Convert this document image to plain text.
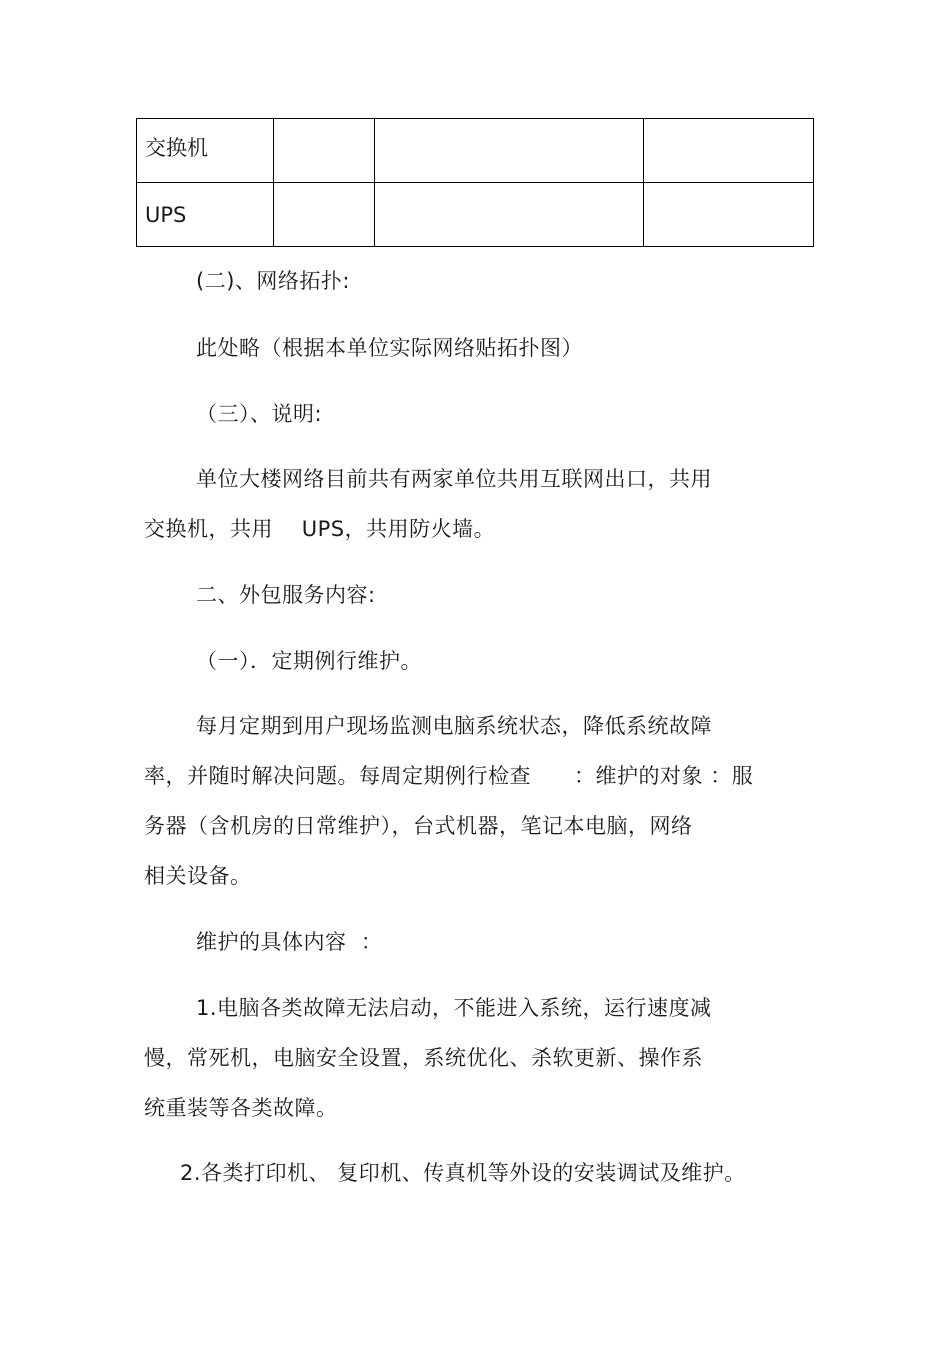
交换机			
UPS			
(二)、网络拓扑:
此处略（根据本单位实际网络贴拓扑图）
（三）、说明:
单位大楼网络目前共有两家单位共用互联网出口，共用
交换机，共用    UPS，共用防火墙。
二、外包服务内容:
（一）．定期例行维护。
每月定期到用户现场监测电脑系统状态，降低系统故障
率，并随时解决问题。每周定期例行检查      ：维护的对象 ：服
务器（含机房的日常维护），台式机器，笔记本电脑，网络
相关设备。
维护的具体内容  ：
1.电脑各类故障无法启动，不能进入系统，运行速度减
慢，常死机，电脑安全设置，系统优化、杀软更新、操作系
统重装等各类故障。
2.各类打印机、 复印机、传真机等外设的安装调试及维护。
